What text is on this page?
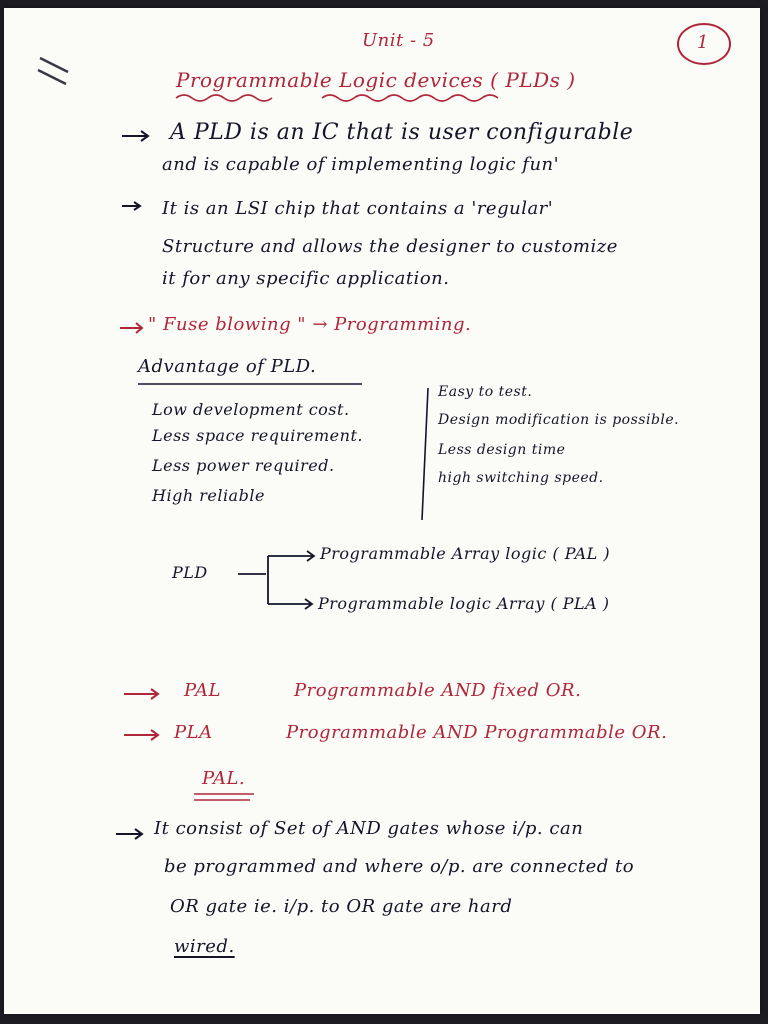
Unit - 5	1
Programmable Logic devices ( PLDs )
A PLD is an IC that is user configurable
and is capable of implementing logic fun'
It is an LSI chip that contains a 'regular'
Structure and allows the designer to customize
it for any specific application.
" Fuse blowing " → Programming.
Advantage of PLD.
Low development cost.
Less space requirement.
Less power required.
High reliable
Easy to test.
Design modification is possible.
Less design time
high switching speed.
PLD
Programmable Array logic ( PAL )
Programmable logic Array ( PLA )
PAL	Programmable AND fixed OR.
PLA	Programmable AND Programmable OR.
PAL.
It consist of Set of AND gates whose i/p. can
be programmed and where o/p. are connected to
OR gate ie. i/p. to OR gate are hard
wired.
